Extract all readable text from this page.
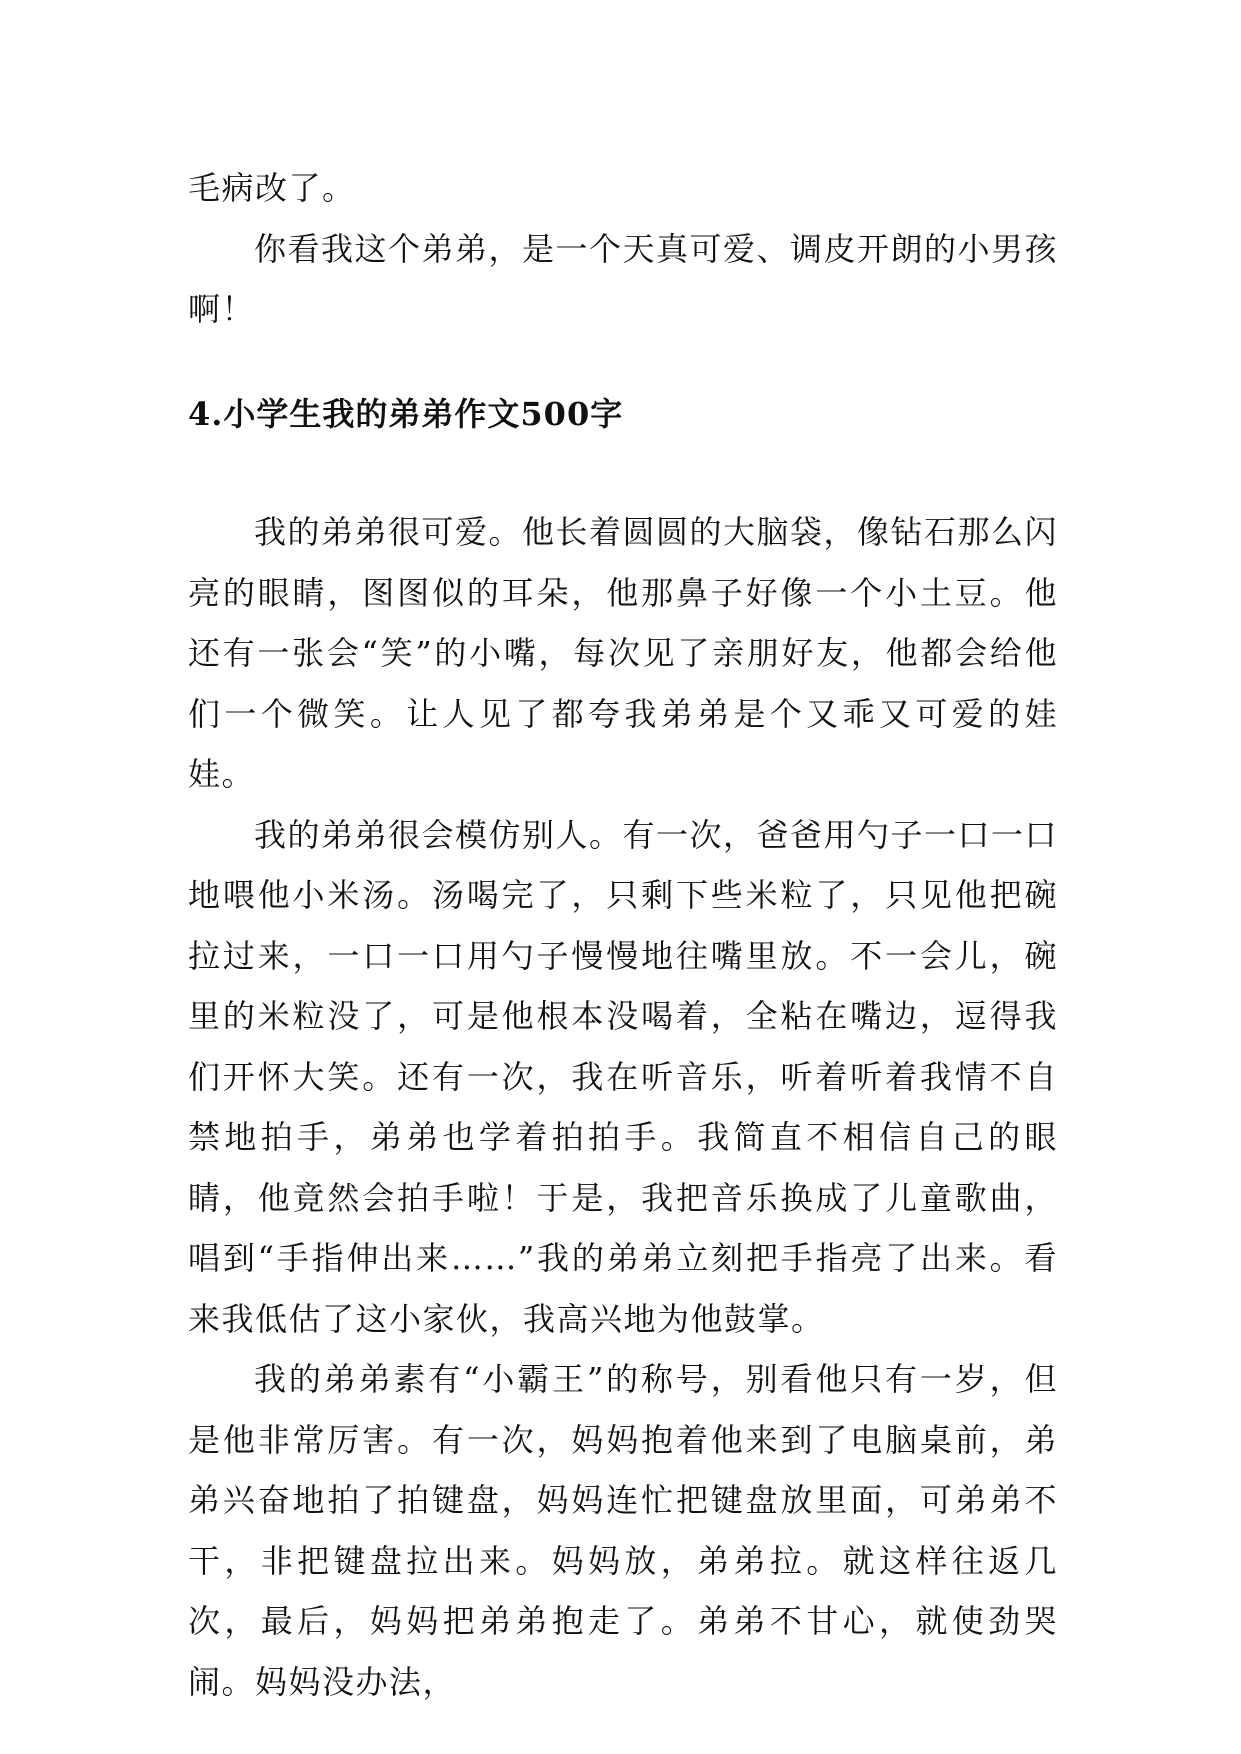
毛病改了。

你看我这个弟弟，是一个天真可爱、调皮开朗的小男孩啊！

4.小学生我的弟弟作文500字

我的弟弟很可爱。他长着圆圆的大脑袋，像钻石那么闪亮的眼睛，图图似的耳朵，他那鼻子好像一个小土豆。他还有一张会“笑”的小嘴，每次见了亲朋好友，他都会给他们一个微笑。让人见了都夸我弟弟是个又乖又可爱的娃娃。

我的弟弟很会模仿别人。有一次，爸爸用勺子一口一口地喂他小米汤。汤喝完了，只剩下些米粒了，只见他把碗拉过来，一口一口用勺子慢慢地往嘴里放。不一会儿，碗里的米粒没了，可是他根本没喝着，全粘在嘴边，逗得我们开怀大笑。还有一次，我在听音乐，听着听着我情不自禁地拍手，弟弟也学着拍拍手。我简直不相信自己的眼睛，他竟然会拍手啦！于是，我把音乐换成了儿童歌曲，唱到“手指伸出来……”我的弟弟立刻把手指亮了出来。看来我低估了这小家伙，我高兴地为他鼓掌。

我的弟弟素有“小霸王”的称号，别看他只有一岁，但是他非常厉害。有一次，妈妈抱着他来到了电脑桌前，弟弟兴奋地拍了拍键盘，妈妈连忙把键盘放里面，可弟弟不干，非把键盘拉出来。妈妈放，弟弟拉。就这样往返几次，最后，妈妈把弟弟抱走了。弟弟不甘心，就使劲哭闹。妈妈没办法，
